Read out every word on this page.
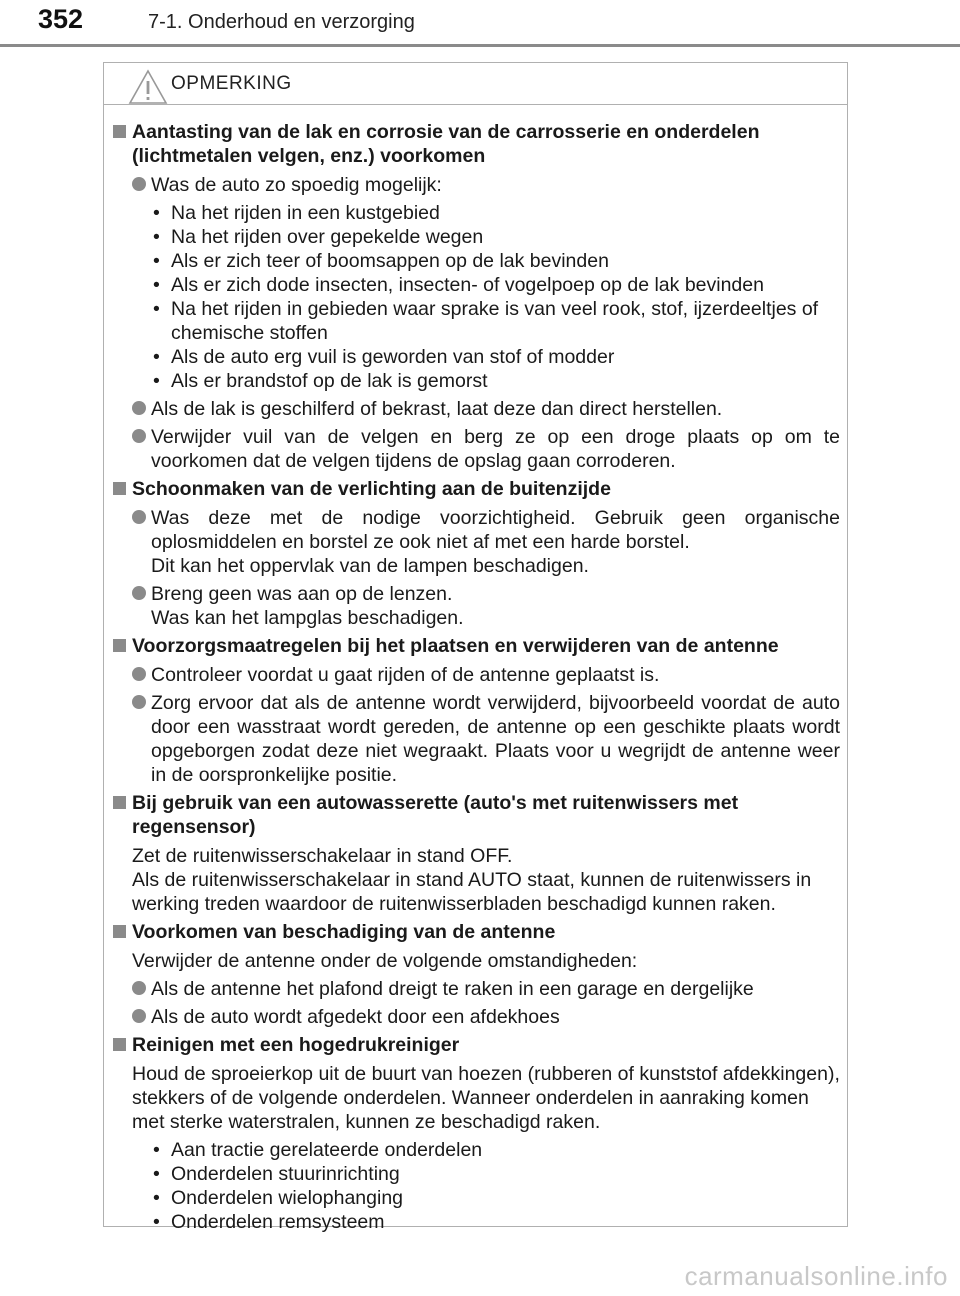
352	7-1. Onderhoud en verzorging
OPMERKING
Aantasting van de lak en corrosie van de carrosserie en onderdelen (lichtmetalen velgen, enz.) voorkomen
Was de auto zo spoedig mogelijk:
• Na het rijden in een kustgebied
• Na het rijden over gepekelde wegen
• Als er zich teer of boomsappen op de lak bevinden
• Als er zich dode insecten, insecten- of vogelpoep op de lak bevinden
• Na het rijden in gebieden waar sprake is van veel rook, stof, ijzerdeeltjes of chemische stoffen
• Als de auto erg vuil is geworden van stof of modder
• Als er brandstof op de lak is gemorst
Als de lak is geschilferd of bekrast, laat deze dan direct herstellen.
Verwijder vuil van de velgen en berg ze op een droge plaats op om te voorkomen dat de velgen tijdens de opslag gaan corroderen.
Schoonmaken van de verlichting aan de buitenzijde
Was deze met de nodige voorzichtigheid. Gebruik geen organische oplosmiddelen en borstel ze ook niet af met een harde borstel.
Dit kan het oppervlak van de lampen beschadigen.
Breng geen was aan op de lenzen.
Was kan het lampglas beschadigen.
Voorzorgsmaatregelen bij het plaatsen en verwijderen van de antenne
Controleer voordat u gaat rijden of de antenne geplaatst is.
Zorg ervoor dat als de antenne wordt verwijderd, bijvoorbeeld voordat de auto door een wasstraat wordt gereden, de antenne op een geschikte plaats wordt opgeborgen zodat deze niet wegraakt. Plaats voor u wegrijdt de antenne weer in de oorspronkelijke positie.
Bij gebruik van een autowasserette (auto's met ruitenwissers met regensensor)
Zet de ruitenwisserschakelaar in stand OFF.
Als de ruitenwisserschakelaar in stand AUTO staat, kunnen de ruitenwissers in werking treden waardoor de ruitenwisserbladen beschadigd kunnen raken.
Voorkomen van beschadiging van de antenne
Verwijder de antenne onder de volgende omstandigheden:
Als de antenne het plafond dreigt te raken in een garage en dergelijke
Als de auto wordt afgedekt door een afdekhoes
Reinigen met een hogedrukreiniger
Houd de sproeierkop uit de buurt van hoezen (rubberen of kunststof afdekkingen), stekkers of de volgende onderdelen. Wanneer onderdelen in aanraking komen met sterke waterstralen, kunnen ze beschadigd raken.
• Aan tractie gerelateerde onderdelen
• Onderdelen stuurinrichting
• Onderdelen wielophanging
• Onderdelen remsysteem
carmanualsonline.info
